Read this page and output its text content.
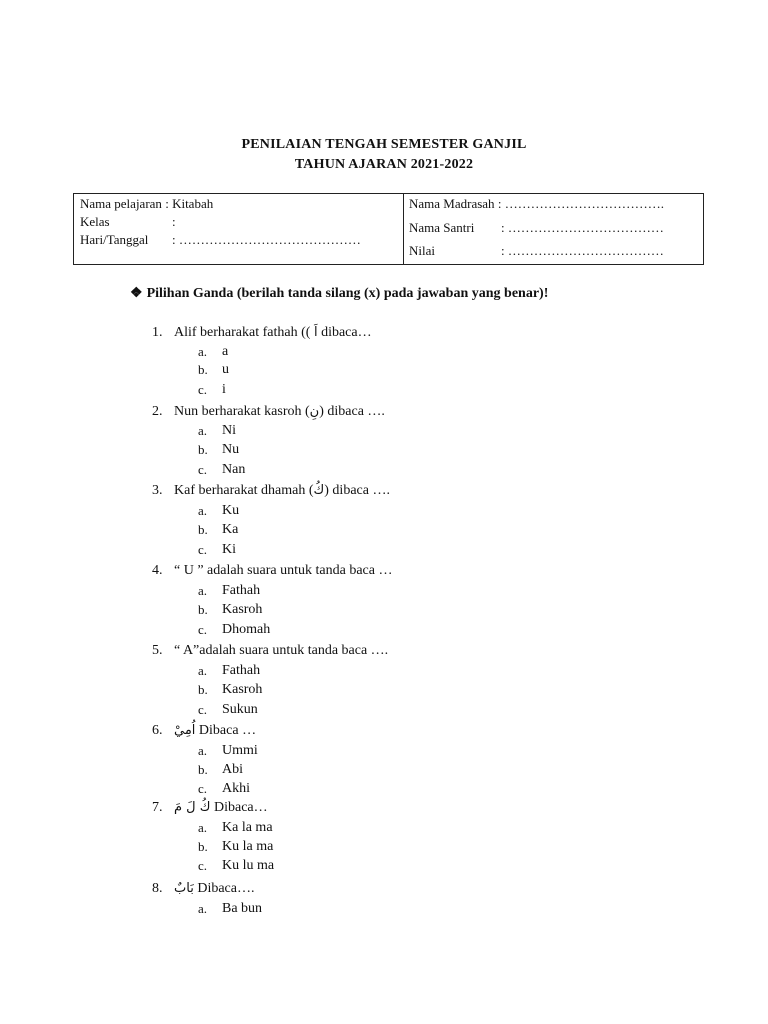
PENILAIAN TENGAH SEMESTER GANJIL
TAHUN AJARAN 2021-2022
Nama pelajaran : Kitabah
Kelas	:
Hari/Tanggal : ……………………………………
Nama Madrasah : ……………………………….
Nama Santri : ………………………………
Nilai	: ………………………………
❖ Pilihan Ganda (berilah tanda silang (x) pada jawaban yang benar)!
1. Alif berharakat fathah (( اَ dibaca…
a. a
b. u
c. i
2. Nun berharakat kasroh (نِ) dibaca ….
a. Ni
b. Nu
c. Nan
3. Kaf berharakat dhamah (كُ) dibaca ….
a. Ku
b. Ka
c. Ki
4. “ U ” adalah suara untuk tanda baca …
a. Fathah
b. Kasroh
c. Dhomah
5. “ A”adalah suara untuk tanda baca ….
a. Fathah
b. Kasroh
c. Sukun
6. اُمِيْ Dibaca …
a. Ummi
b. Abi
c. Akhi
7. كُ لَ مَ Dibaca…
a. Ka la ma
b. Ku la ma
c. Ku lu ma
8. بَابٌ Dibaca….
a. Ba bun
